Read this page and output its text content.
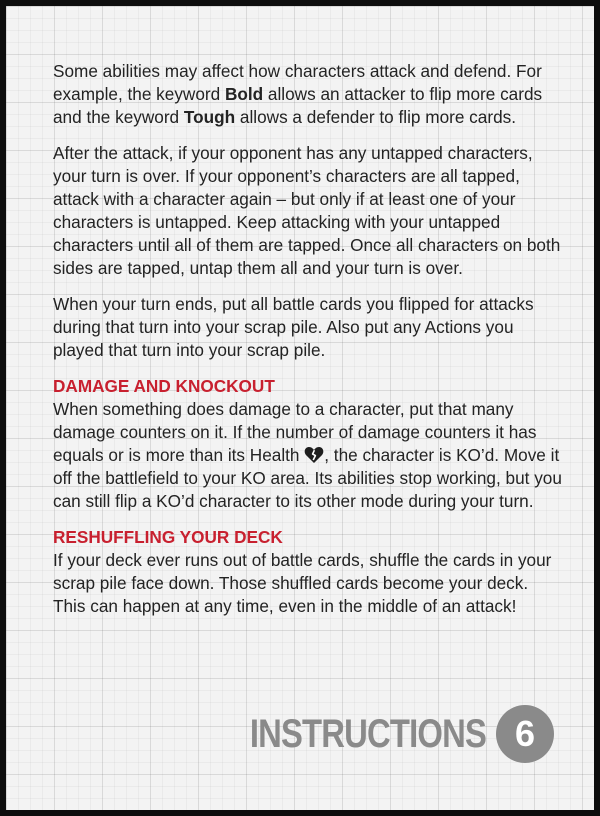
Some abilities may affect how characters attack and defend. For example, the keyword Bold allows an attacker to flip more cards and the keyword Tough allows a defender to flip more cards.

After the attack, if your opponent has any untapped characters, your turn is over. If your opponent’s characters are all tapped, attack with a character again – but only if at least one of your characters is untapped. Keep attacking with your untapped characters until all of them are tapped. Once all characters on both sides are tapped, untap them all and your turn is over.

When your turn ends, put all battle cards you flipped for attacks during that turn into your scrap pile. Also put any Actions you played that turn into your scrap pile.

DAMAGE AND KNOCKOUT

When something does damage to a character, put that many damage counters on it. If the number of damage counters it has equals or is more than its Health , the character is KO’d. Move it off the battlefield to your KO area. Its abilities stop working, but you can still flip a KO’d character to its other mode during your turn.

RESHUFFLING YOUR DECK

If your deck ever runs out of battle cards, shuffle the cards in your scrap pile face down. Those shuffled cards become your deck. This can happen at any time, even in the middle of an attack!

INSTRUCTIONS 6
